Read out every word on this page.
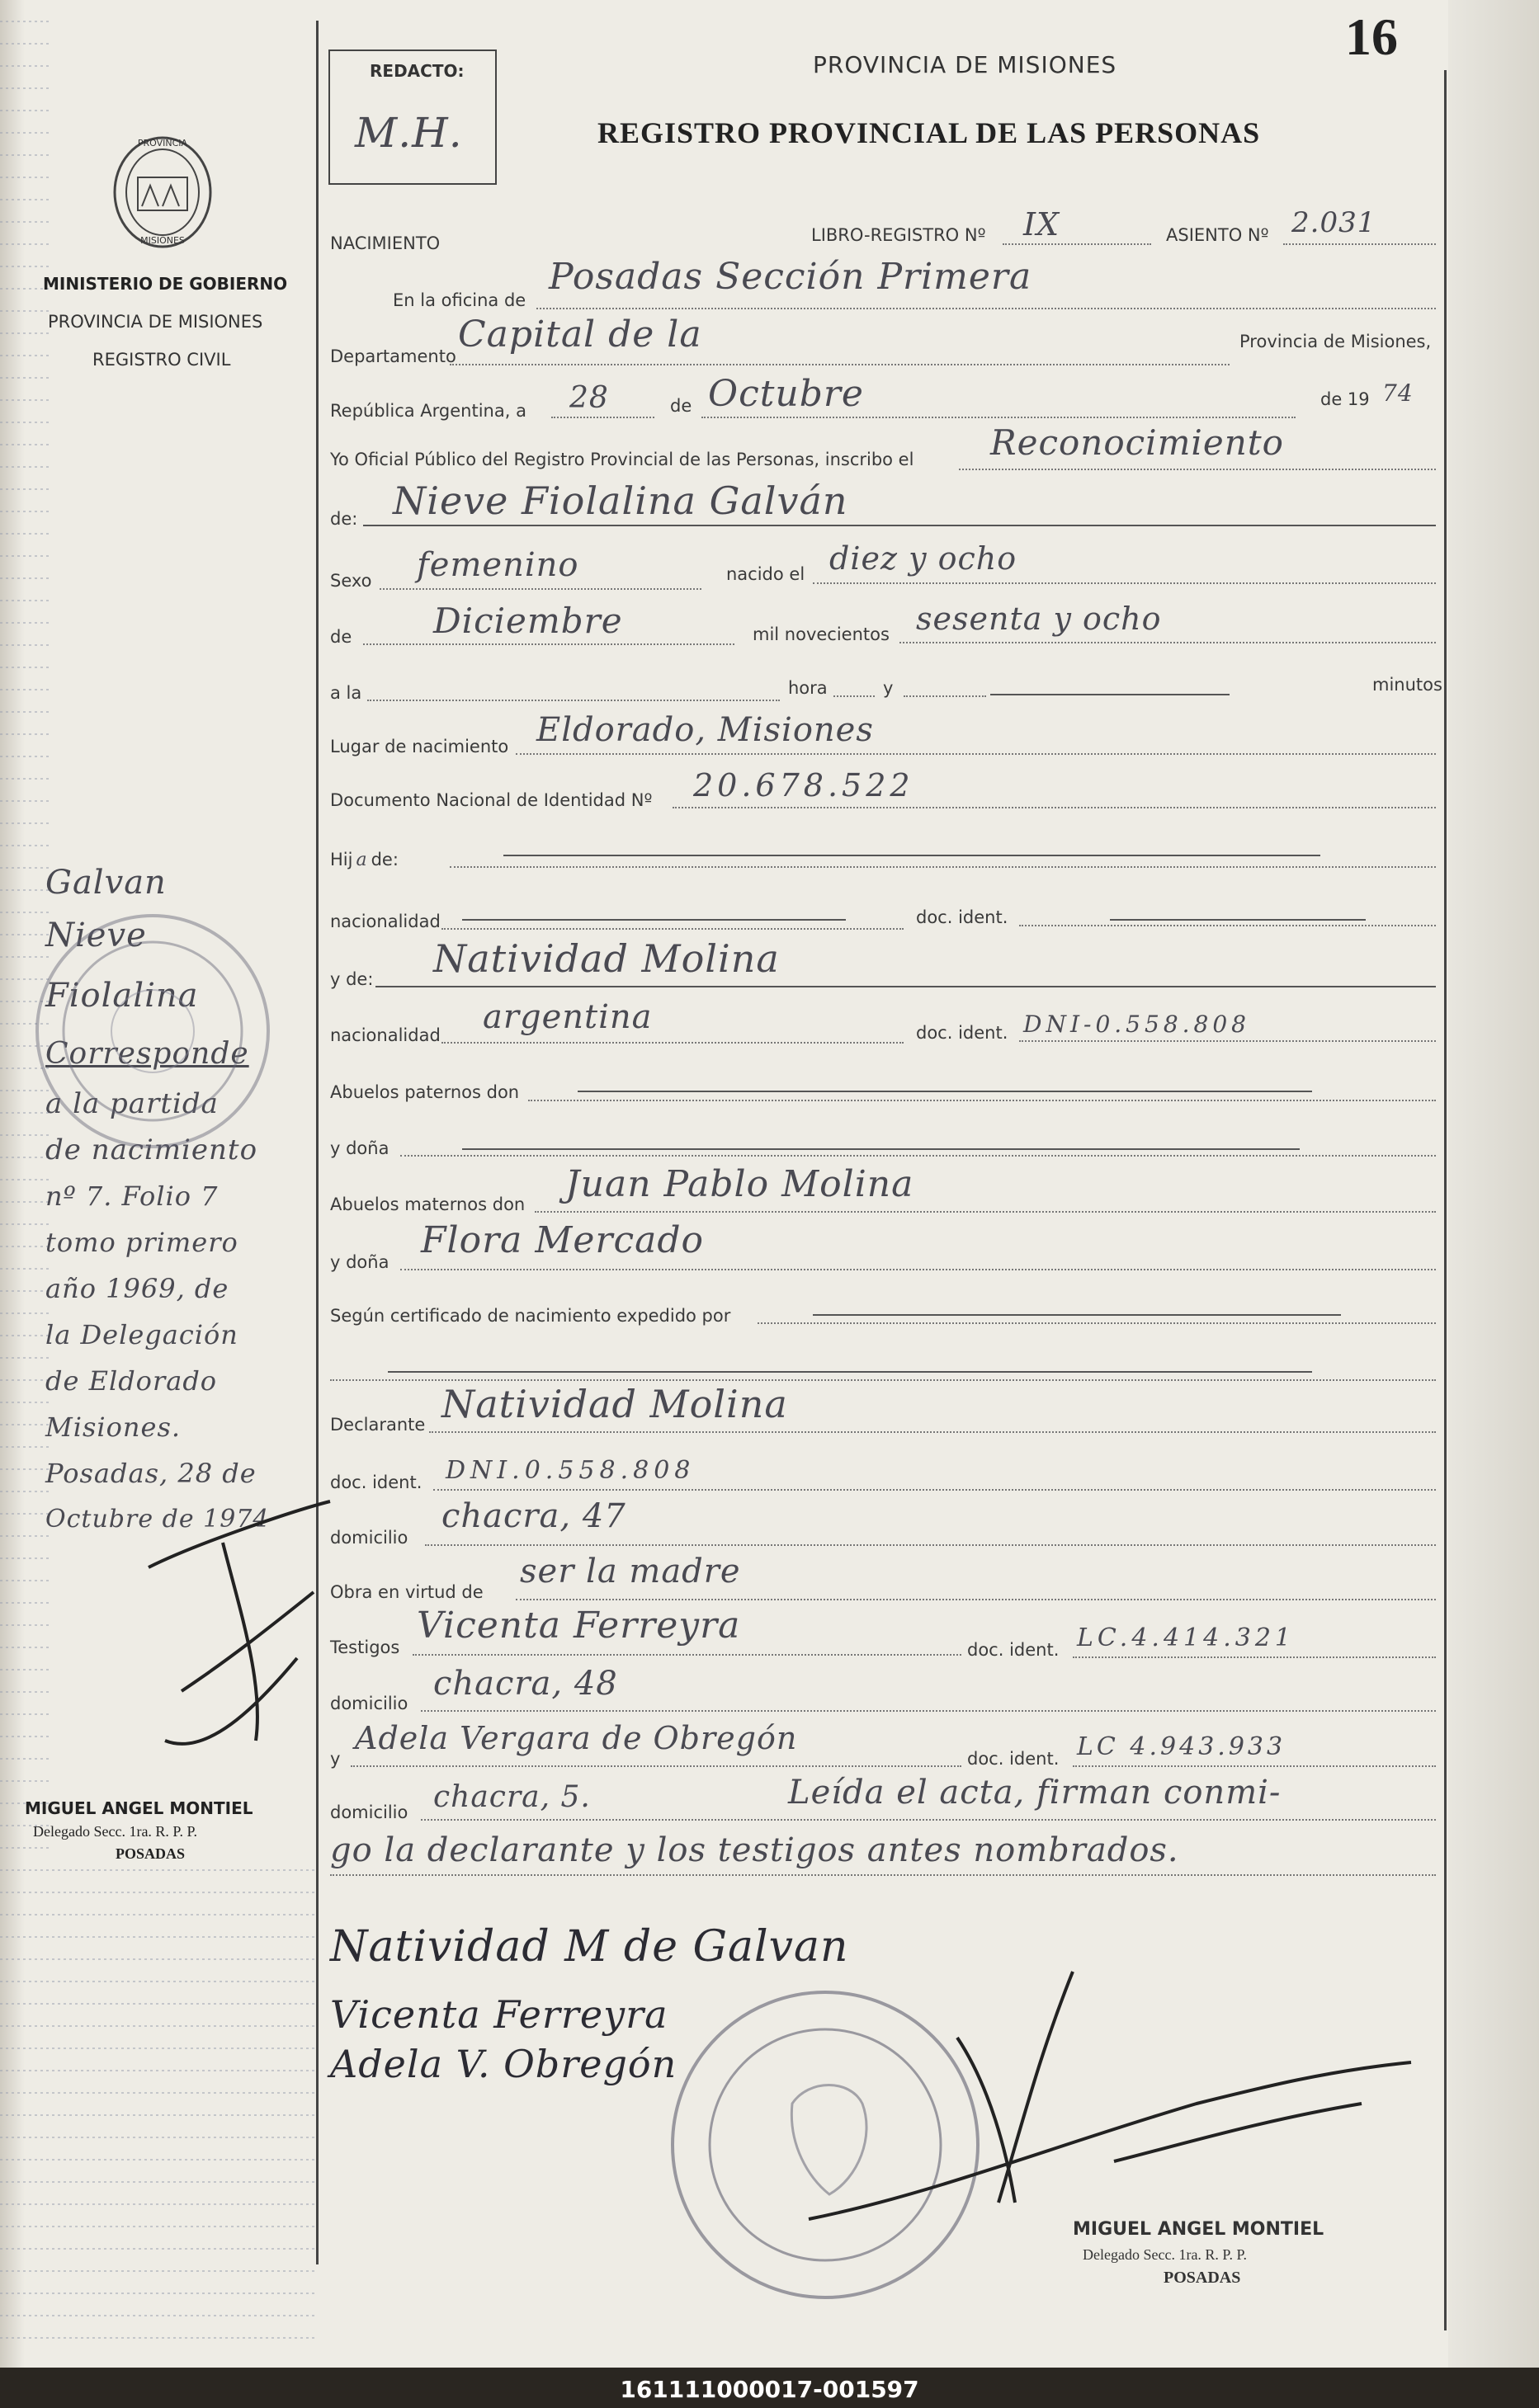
16
REDACTO:
M.H.
PROVINCIA DE MISIONES
REGISTRO PROVINCIAL DE LAS PERSONAS
PROVINCIA
MISIONES
MINISTERIO DE GOBIERNO
PROVINCIA DE MISIONES
REGISTRO CIVIL
Galvan
Nieve
Fiolalina
Corresponde
a la partida
de nacimiento
nº 7. Folio 7
tomo primero
año 1969, de
la Delegación
de Eldorado
Misiones.
Posadas, 28 de
Octubre de 1974
MIGUEL ANGEL MONTIEL
Delegado Secc. 1ra. R. P. P.
POSADAS
NACIMIENTO	LIBRO-REGISTRO Nº IX	ASIENTO Nº 2.031
En la oficina de
Posadas Sección Primera
Departamento
Capital de la	Provincia de Misiones,
República Argentina, a 28	de Octubre	de 19 74
Yo Oficial Público del Registro Provincial de las Personas, inscribo el Reconocimiento
de: Nieve Fiolalina Galván
Sexo femenino	nacido el diez y ocho
de Diciembre	mil novecientos sesenta y ocho
a la	hora	y	minutos
Lugar de nacimiento Eldorado, Misiones
Documento Nacional de Identidad Nº 20.678.522
Hij a de:
nacionalidad	doc. ident.
y de: Natividad Molina
nacionalidad argentina	doc. ident. DNI-0.558.808
Abuelos paternos don
y doña
Abuelos maternos don Juan Pablo Molina
y doña
Flora Mercado
Según certificado de nacimiento expedido por
Declarante Natividad Molina
doc. ident. DNI.0.558.808
domicilio
chacra, 47
Obra en virtud de
ser la madre
Testigos
Vicenta Ferreyra
doc. ident. LC.4.414.321
domicilio
chacra, 48
y
Adela Vergara de Obregón
doc. ident. LC 4.943.933
domicilio chacra, 5.	Leída el acta, firman conmi-
go la declarante y los testigos antes nombrados.
Natividad M de Galvan
Vicenta Ferreyra
Adela V. Obregón
MIGUEL ANGEL MONTIEL
Delegado Secc. 1ra. R. P. P.
POSADAS
161111000017-001597
